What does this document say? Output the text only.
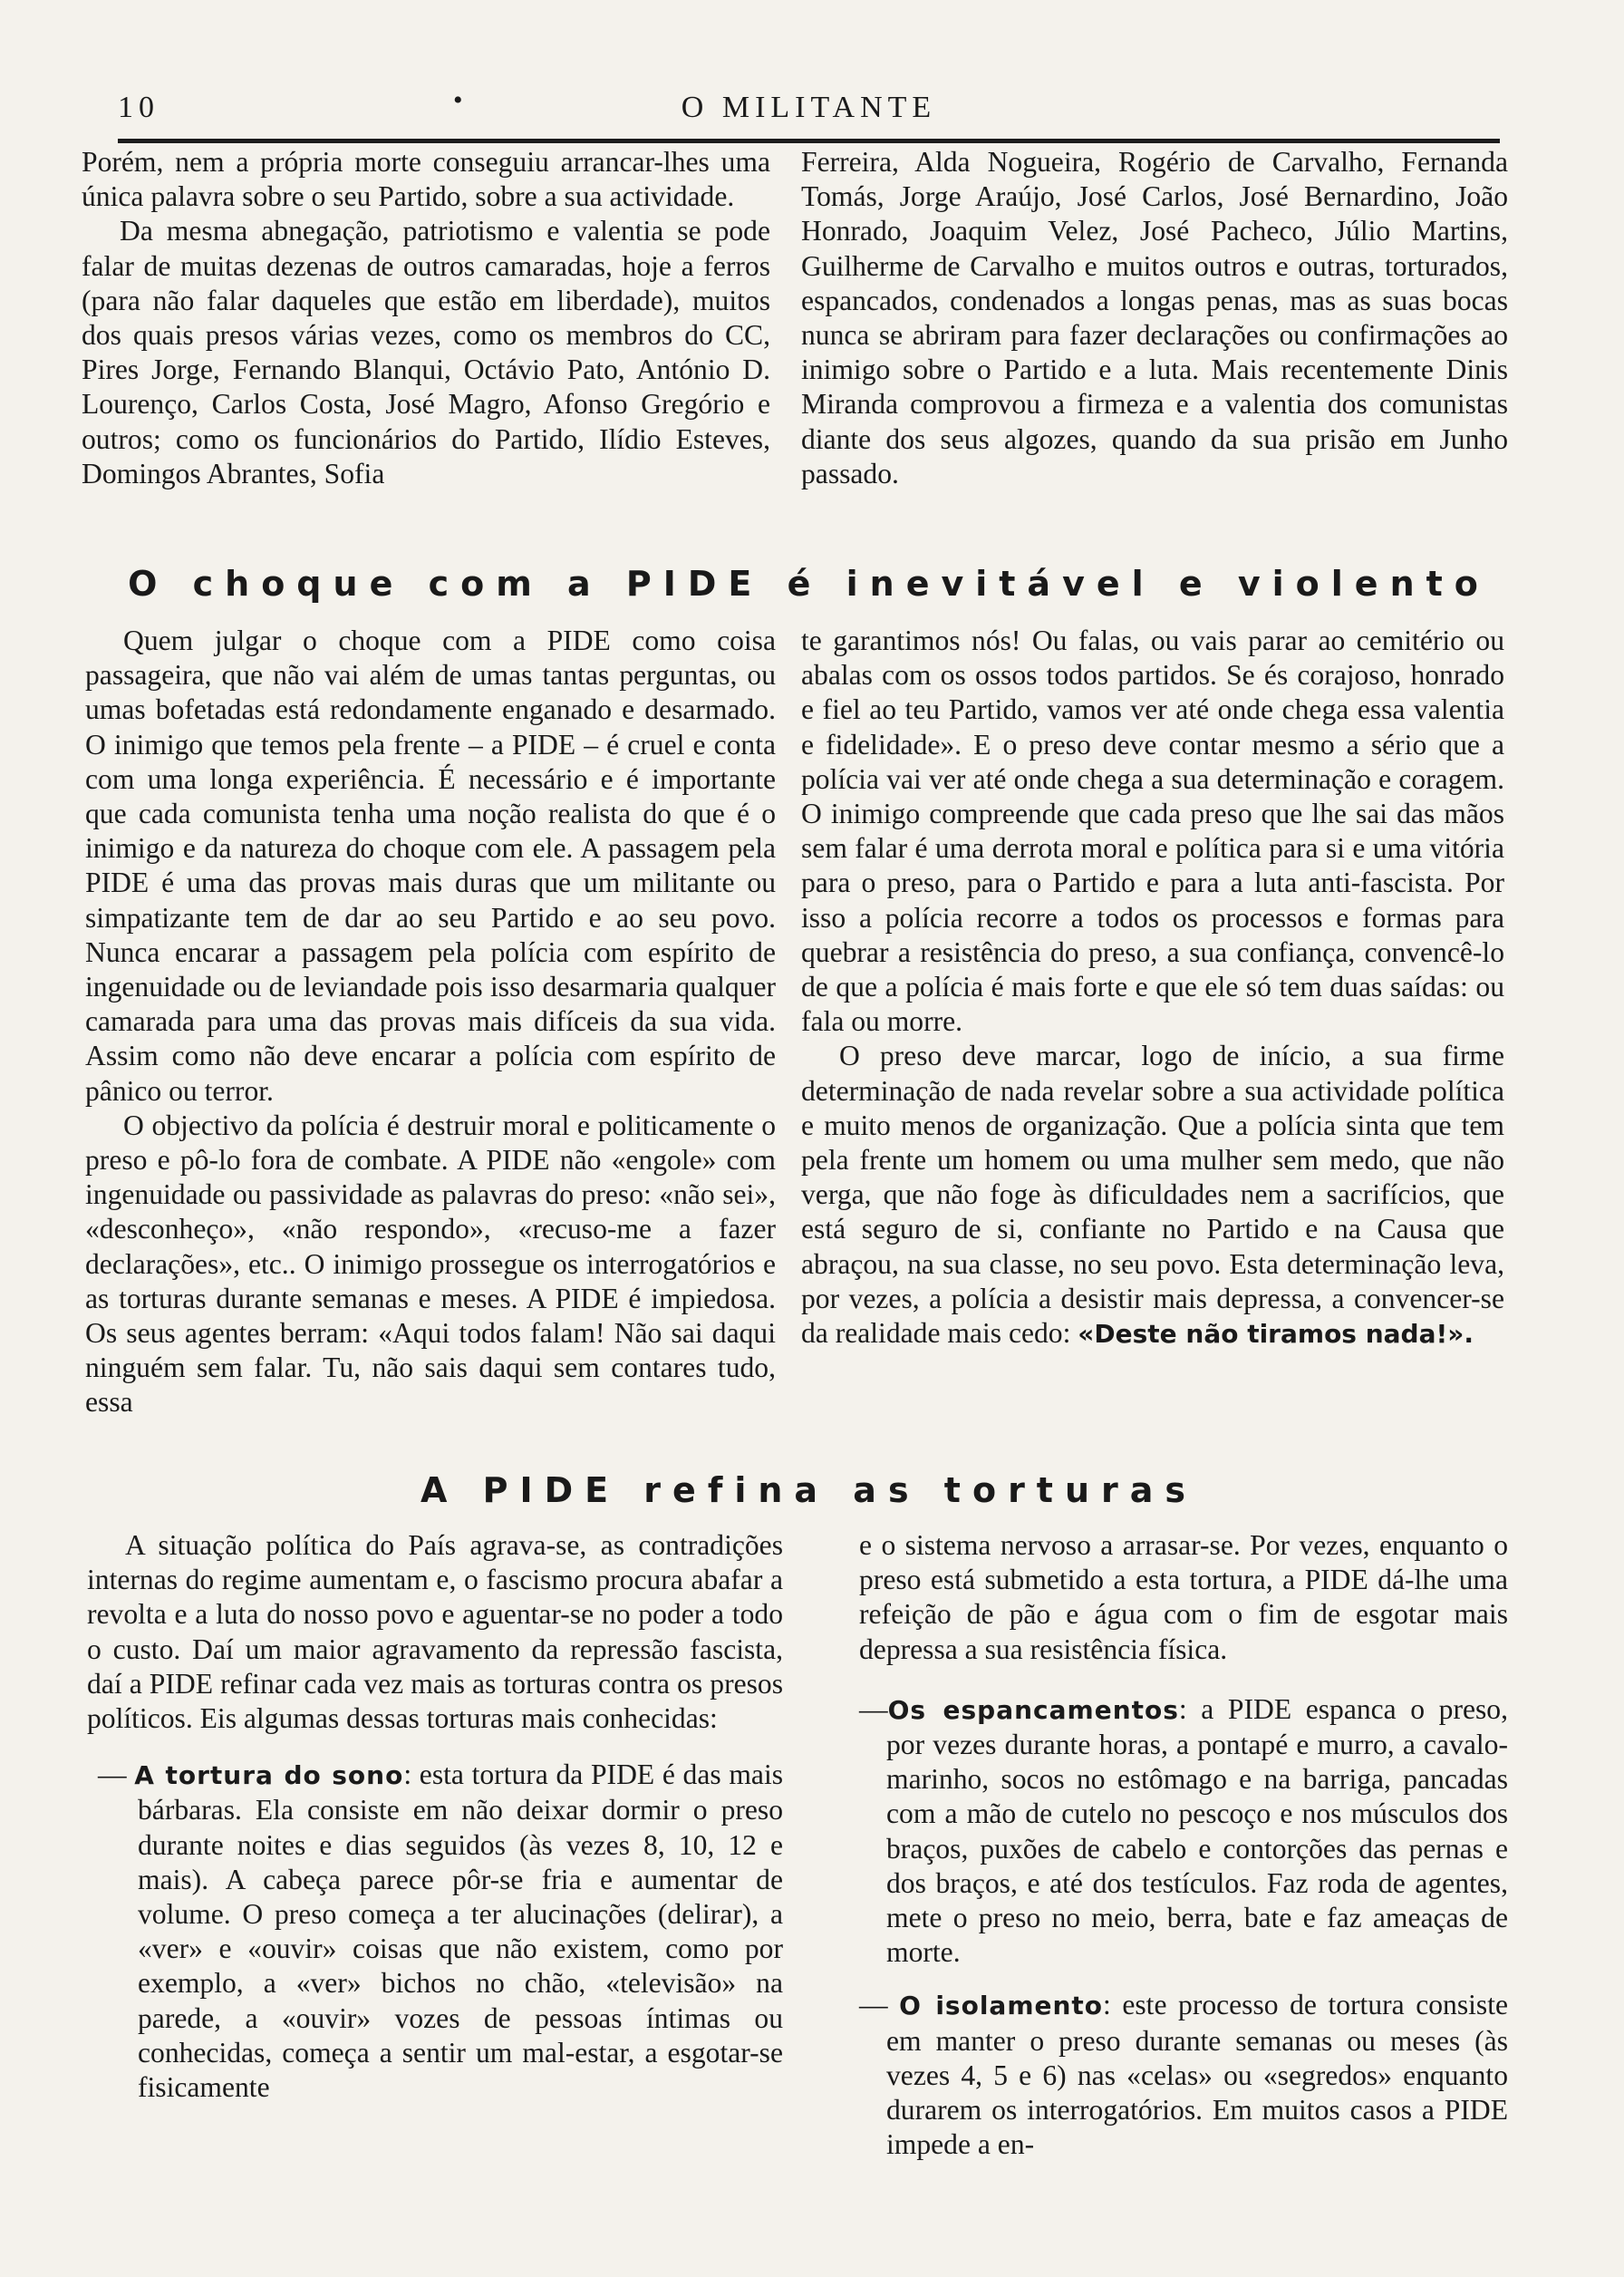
10	•	O MILITANTE

Porém, nem a própria morte conseguiu arrancar-lhes uma única palavra sobre o seu Partido, sobre a sua actividade.

Da mesma abnegação, patriotismo e valentia se pode falar de muitas dezenas de outros camaradas, hoje a ferros (para não falar daqueles que estão em liberdade), muitos dos quais presos várias vezes, como os membros do CC, Pires Jorge, Fernando Blanqui, Octávio Pato, António D. Lourenço, Carlos Costa, José Magro, Afonso Gregório e outros; como os funcionários do Partido, Ilídio Esteves, Domingos Abrantes, Sofia

Ferreira, Alda Nogueira, Rogério de Carvalho, Fernanda Tomás, Jorge Araújo, José Carlos, José Bernardino, João Honrado, Joaquim Velez, José Pacheco, Júlio Martins, Guilherme de Carvalho e muitos outros e outras, torturados, espancados, condenados a longas penas, mas as suas bocas nunca se abriram para fazer declarações ou confirmações ao inimigo sobre o Partido e a luta. Mais recentemente Dinis Miranda comprovou a firmeza e a valentia dos comunistas diante dos seus algozes, quando da sua prisão em Junho passado.

O choque com a PIDE é inevitável e violento

Quem julgar o choque com a PIDE como coisa passageira, que não vai além de umas tantas perguntas, ou umas bofetadas está redondamente enganado e desarmado. O inimigo que temos pela frente – a PIDE – é cruel e conta com uma longa experiência. É necessário e é importante que cada comunista tenha uma noção realista do que é o inimigo e da natureza do choque com ele. A passagem pela PIDE é uma das provas mais duras que um militante ou simpatizante tem de dar ao seu Partido e ao seu povo. Nunca encarar a passagem pela polícia com espírito de ingenuidade ou de leviandade pois isso desarmaria qualquer camarada para uma das provas mais difíceis da sua vida. Assim como não deve encarar a polícia com espírito de pânico ou terror.

O objectivo da polícia é destruir moral e politicamente o preso e pô-lo fora de combate. A PIDE não «engole» com ingenuidade ou passividade as palavras do preso: «não sei», «desconheço», «não respondo», «recuso-me a fazer declarações», etc.. O inimigo prossegue os interrogatórios e as torturas durante semanas e meses. A PIDE é impiedosa. Os seus agentes berram: «Aqui todos falam! Não sai daqui ninguém sem falar. Tu, não sais daqui sem contares tudo, essa

te garantimos nós! Ou falas, ou vais parar ao cemitério ou abalas com os ossos todos partidos. Se és corajoso, honrado e fiel ao teu Partido, vamos ver até onde chega essa valentia e fidelidade». E o preso deve contar mesmo a sério que a polícia vai ver até onde chega a sua determinação e coragem. O inimigo compreende que cada preso que lhe sai das mãos sem falar é uma derrota moral e política para si e uma vitória para o preso, para o Partido e para a luta anti-fascista. Por isso a polícia recorre a todos os processos e formas para quebrar a resistência do preso, a sua confiança, convencê-lo de que a polícia é mais forte e que ele só tem duas saídas: ou fala ou morre.

O preso deve marcar, logo de início, a sua firme determinação de nada revelar sobre a sua actividade política e muito menos de organização. Que a polícia sinta que tem pela frente um homem ou uma mulher sem medo, que não verga, que não foge às dificuldades nem a sacrifícios, que está seguro de si, confiante no Partido e na Causa que abraçou, na sua classe, no seu povo. Esta determinação leva, por vezes, a polícia a desistir mais depressa, a convencer-se da realidade mais cedo: «Deste não tiramos nada!».

A PIDE refina as torturas

A situação política do País agrava-se, as contradições internas do regime aumentam e, o fascismo procura abafar a revolta e a luta do nosso povo e aguentar-se no poder a todo o custo. Daí um maior agravamento da repressão fascista, daí a PIDE refinar cada vez mais as torturas contra os presos políticos. Eis algumas dessas torturas mais conhecidas:

— A tortura do sono: esta tortura da PIDE é das mais bárbaras. Ela consiste em não deixar dormir o preso durante noites e dias seguidos (às vezes 8, 10, 12 e mais). A cabeça parece pôr-se fria e aumentar de volume. O preso começa a ter alucinações (delirar), a «ver» e «ouvir» coisas que não existem, como por exemplo, a «ver» bichos no chão, «televisão» na parede, a «ouvir» vozes de pessoas íntimas ou conhecidas, começa a sentir um mal-estar, a esgotar-se fisicamente

e o sistema nervoso a arrasar-se. Por vezes, enquanto o preso está submetido a esta tortura, a PIDE dá-lhe uma refeição de pão e água com o fim de esgotar mais depressa a sua resistência física.

—Os espancamentos: a PIDE espanca o preso, por vezes durante horas, a pontapé e murro, a cavalo-marinho, socos no estômago e na barriga, pancadas com a mão de cutelo no pescoço e nos músculos dos braços, puxões de cabelo e contorções das pernas e dos braços, e até dos testículos. Faz roda de agentes, mete o preso no meio, berra, bate e faz ameaças de morte.

— O isolamento: este processo de tortura consiste em manter o preso durante semanas ou meses (às vezes 4, 5 e 6) nas «celas» ou «segredos» enquanto durarem os interrogatórios. Em muitos casos a PIDE impede a en-
